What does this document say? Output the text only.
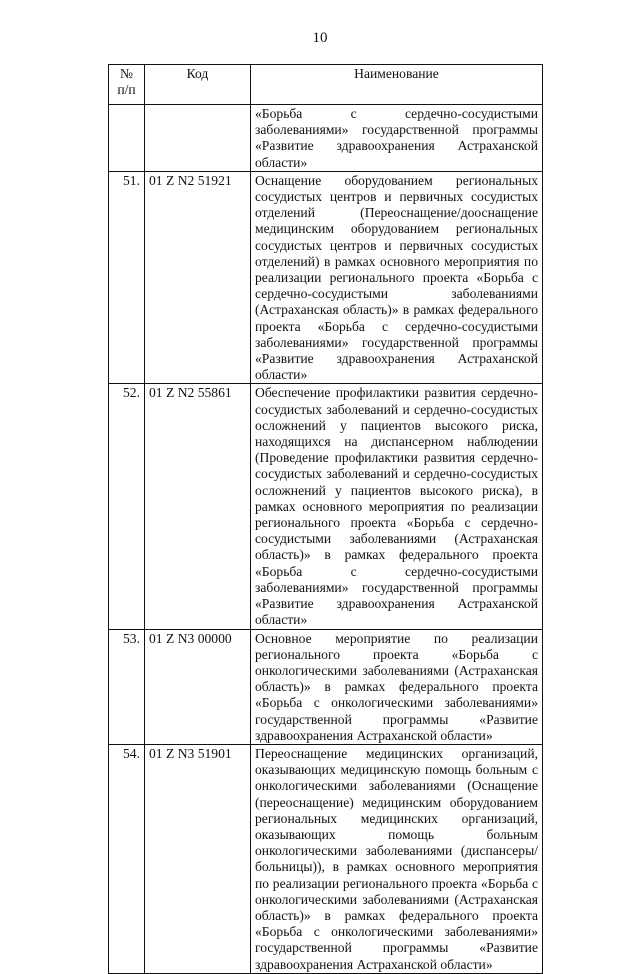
10
№ п/п	Код	Наименование
		«Борьба с сердечно-сосудистыми заболеваниями» государственной программы «Развитие здравоохранения Астраханской области»
51.	01 Z N2 51921	Оснащение оборудованием региональных сосудистых центров и первичных сосудистых отделений (Переоснащение/дооснащение медицинским оборудованием региональных сосудистых центров и первичных сосудистых отделений) в рамках основного мероприятия по реализации регионального проекта «Борьба с сердечно-сосудистыми заболеваниями (Астраханская область)» в рамках федерального проекта «Борьба с сердечно-сосудистыми заболеваниями» государственной программы «Развитие здравоохранения Астраханской области»
52.	01 Z N2 55861	Обеспечение профилактики развития сердечно-сосудистых заболеваний и сердечно-сосудистых осложнений у пациентов высокого риска, находящихся на диспансерном наблюдении (Проведение профилактики развития сердечно-сосудистых заболеваний и сердечно-сосудистых осложнений у пациентов высокого риска), в рамках основного мероприятия по реализации регионального проекта «Борьба с сердечно-сосудистыми заболеваниями (Астраханская область)» в рамках федерального проекта «Борьба с сердечно-сосудистыми заболеваниями» государственной программы «Развитие здравоохранения Астраханской области»
53.	01 Z N3 00000	Основное мероприятие по реализации регионального проекта «Борьба с онкологическими заболеваниями (Астраханская область)» в рамках федерального проекта «Борьба с онкологическими заболеваниями» государственной программы «Развитие здравоохранения Астраханской области»
54.	01 Z N3 51901	Переоснащение медицинских организаций, оказывающих медицинскую помощь больным с онкологическими заболеваниями (Оснащение (переоснащение) медицинским оборудованием региональных медицинских организаций, оказывающих помощь больным онкологическими заболеваниями (диспансеры/больницы)), в рамках основного мероприятия по реализации регионального проекта «Борьба с онкологическими заболеваниями (Астраханская область)» в рамках федерального проекта «Борьба с онкологическими заболеваниями» государственной программы «Развитие здравоохранения Астраханской области»
